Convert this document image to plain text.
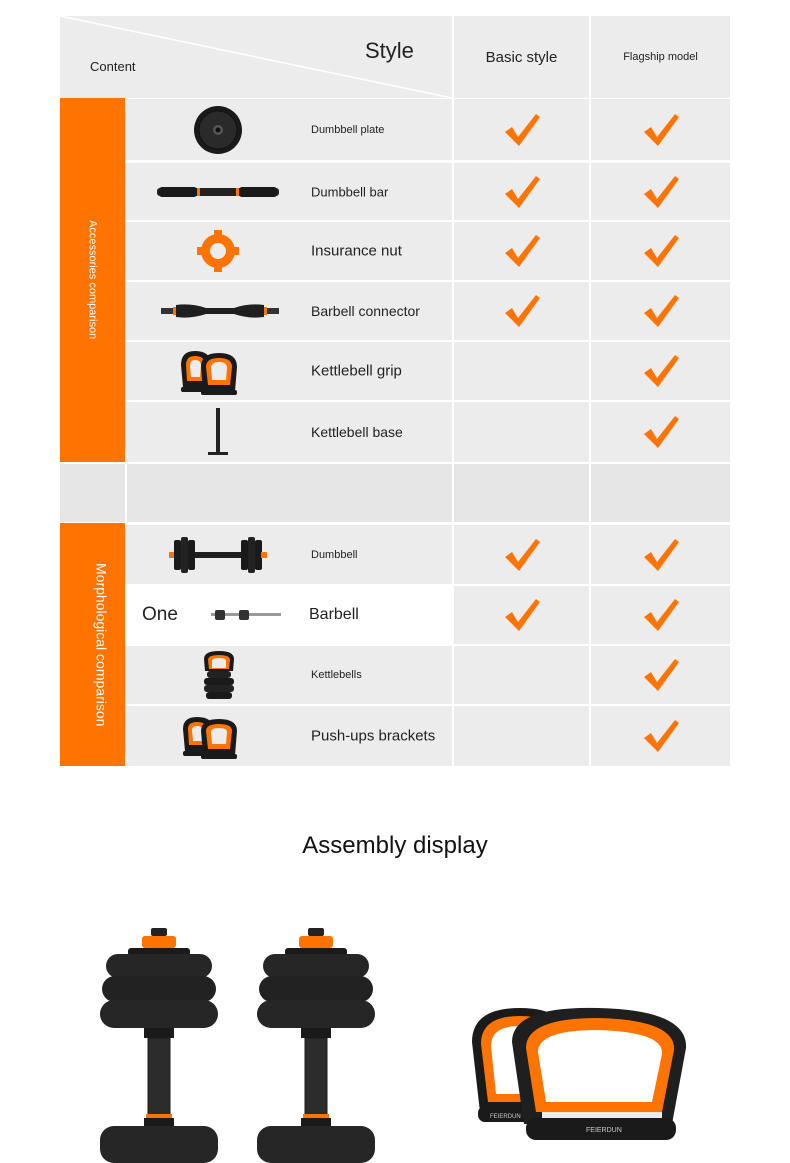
Style
Content
Basic style	Flagship model
Accessories comparison
Dumbbell plate
Dumbbell bar
Insurance nut
Barbell connector
Kettlebell grip
Kettlebell base
Morphological comparison
Dumbbell
One	Barbell
Kettlebells
Push-ups brackets
Assembly display
FEIERDUN
FEIERDUN
